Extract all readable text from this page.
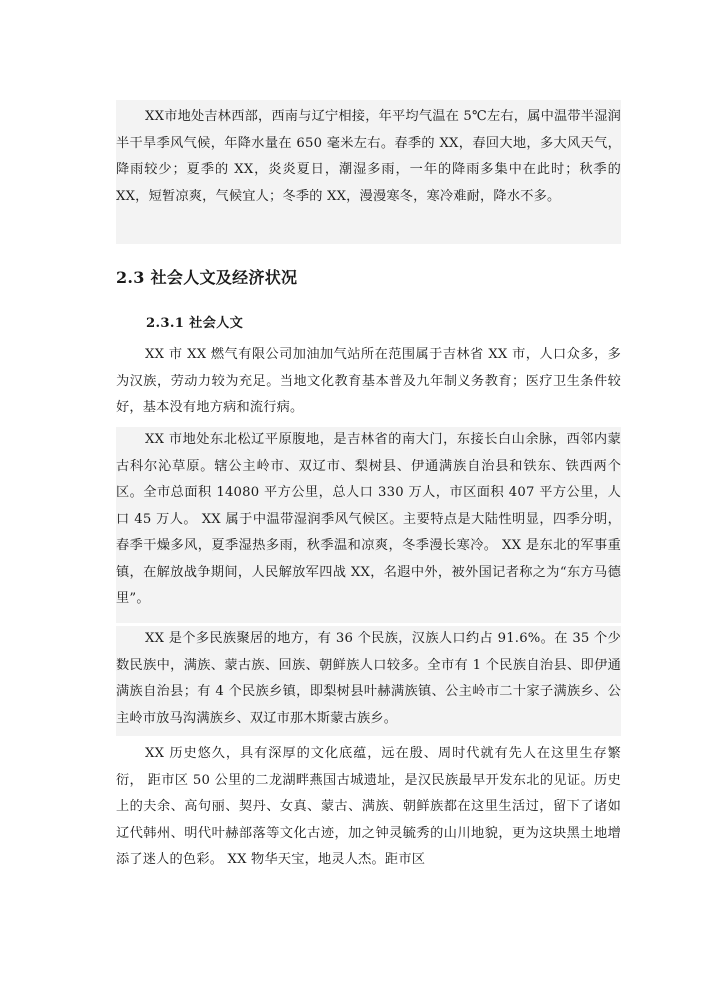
XX市地处吉林西部，西南与辽宁相接，年平均气温在 5℃左右，属中温带半湿润半干旱季风气候，年降水量在 650 毫米左右。春季的 XX，春回大地，多大风天气，降雨较少；夏季的 XX，炎炎夏日，潮湿多雨，一年的降雨多集中在此时；秋季的 XX，短暂凉爽，气候宜人；冬季的 XX，漫漫寒冬，寒冷难耐，降水不多。
2.3 社会人文及经济状况
2.3.1 社会人文
XX 市 XX 燃气有限公司加油加气站所在范围属于吉林省 XX 市，人口众多，多为汉族，劳动力较为充足。当地文化教育基本普及九年制义务教育；医疗卫生条件较好，基本没有地方病和流行病。
XX 市地处东北松辽平原腹地，是吉林省的南大门，东接长白山余脉，西邻内蒙古科尔沁草原。辖公主岭市、双辽市、梨树县、伊通满族自治县和铁东、铁西两个区。全市总面积 14080 平方公里，总人口 330 万人，市区面积 407 平方公里，人口 45 万人。 XX 属于中温带湿润季风气候区。主要特点是大陆性明显，四季分明，春季干燥多风，夏季湿热多雨，秋季温和凉爽，冬季漫长寒冷。 XX 是东北的军事重镇，在解放战争期间，人民解放军四战 XX，名遐中外，被外国记者称之为“东方马德里”。
XX 是个多民族聚居的地方，有 36 个民族，汉族人口约占 91.6%。在 35 个少数民族中，满族、蒙古族、回族、朝鲜族人口较多。全市有 1 个民族自治县、即伊通满族自治县；有 4 个民族乡镇，即梨树县叶赫满族镇、公主岭市二十家子满族乡、公主岭市放马沟满族乡、双辽市那木斯蒙古族乡。
XX 历史悠久，具有深厚的文化底蕴，远在殷、周时代就有先人在这里生存繁衍， 距市区 50 公里的二龙湖畔燕国古城遗址，是汉民族最早开发东北的见证。历史上的夫余、高句丽、契丹、女真、蒙古、满族、朝鲜族都在这里生活过，留下了诸如辽代韩州、明代叶赫部落等文化古迹，加之钟灵毓秀的山川地貌，更为这块黑土地增添了迷人的色彩。 XX 物华天宝，地灵人杰。距市区
